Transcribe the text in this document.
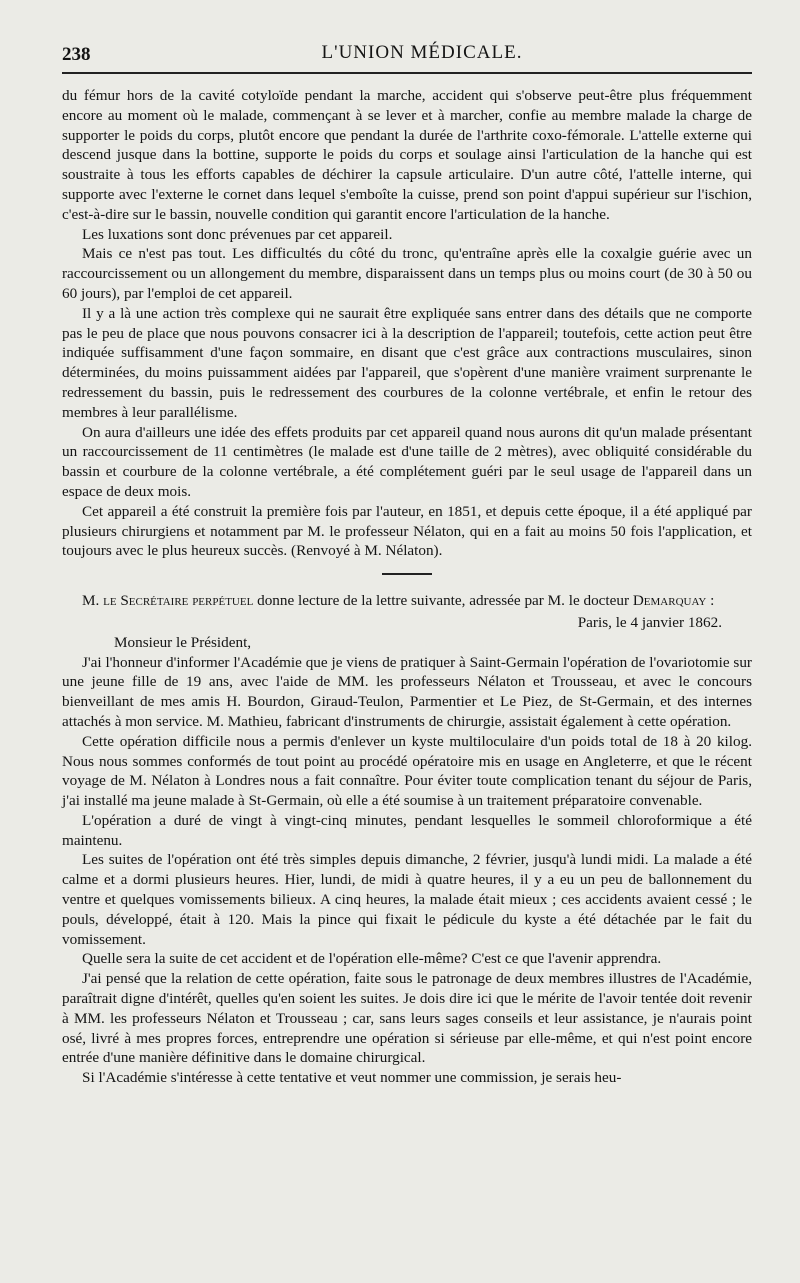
238	L'UNION MÉDICALE.

du fémur hors de la cavité cotyloïde pendant la marche, accident qui s'observe peut-être plus fréquemment encore au moment où le malade, commençant à se lever et à marcher, confie au membre malade la charge de supporter le poids du corps, plutôt encore que pendant la durée de l'arthrite coxo-fémorale. L'attelle externe qui descend jusque dans la bottine, supporte le poids du corps et soulage ainsi l'articulation de la hanche qui est soustraite à tous les efforts capables de déchirer la capsule articulaire. D'un autre côté, l'attelle interne, qui supporte avec l'externe le cornet dans lequel s'emboîte la cuisse, prend son point d'appui supérieur sur l'ischion, c'est-à-dire sur le bassin, nouvelle condition qui garantit encore l'articulation de la hanche.

Les luxations sont donc prévenues par cet appareil.

Mais ce n'est pas tout. Les difficultés du côté du tronc, qu'entraîne après elle la coxalgie guérie avec un raccourcissement ou un allongement du membre, disparaissent dans un temps plus ou moins court (de 30 à 50 ou 60 jours), par l'emploi de cet appareil.

Il y a là une action très complexe qui ne saurait être expliquée sans entrer dans des détails que ne comporte pas le peu de place que nous pouvons consacrer ici à la description de l'appareil; toutefois, cette action peut être indiquée suffisamment d'une façon sommaire, en disant que c'est grâce aux contractions musculaires, sinon déterminées, du moins puissamment aidées par l'appareil, que s'opèrent d'une manière vraiment surprenante le redressement du bassin, puis le redressement des courbures de la colonne vertébrale, et enfin le retour des membres à leur parallélisme.

On aura d'ailleurs une idée des effets produits par cet appareil quand nous aurons dit qu'un malade présentant un raccourcissement de 11 centimètres (le malade est d'une taille de 2 mètres), avec obliquité considérable du bassin et courbure de la colonne vertébrale, a été complétement guéri par le seul usage de l'appareil dans un espace de deux mois.

Cet appareil a été construit la première fois par l'auteur, en 1851, et depuis cette époque, il a été appliqué par plusieurs chirurgiens et notamment par M. le professeur Nélaton, qui en a fait au moins 50 fois l'application, et toujours avec le plus heureux succès. (Renvoyé à M. Nélaton).

M. le Secrétaire perpétuel donne lecture de la lettre suivante, adressée par M. le docteur Demarquay :

Paris, le 4 janvier 1862.
Monsieur le Président,

J'ai l'honneur d'informer l'Académie que je viens de pratiquer à Saint-Germain l'opération de l'ovariotomie sur une jeune fille de 19 ans, avec l'aide de MM. les professeurs Nélaton et Trousseau, et avec le concours bienveillant de mes amis H. Bourdon, Giraud-Teulon, Parmentier et Le Piez, de St-Germain, et des internes attachés à mon service. M. Mathieu, fabricant d'instruments de chirurgie, assistait également à cette opération.

Cette opération difficile nous a permis d'enlever un kyste multiloculaire d'un poids total de 18 à 20 kilog. Nous nous sommes conformés de tout point au procédé opératoire mis en usage en Angleterre, et que le récent voyage de M. Nélaton à Londres nous a fait connaître. Pour éviter toute complication tenant du séjour de Paris, j'ai installé ma jeune malade à St-Germain, où elle a été soumise à un traitement préparatoire convenable.

L'opération a duré de vingt à vingt-cinq minutes, pendant lesquelles le sommeil chloroformique a été maintenu.

Les suites de l'opération ont été très simples depuis dimanche, 2 février, jusqu'à lundi midi. La malade a été calme et a dormi plusieurs heures. Hier, lundi, de midi à quatre heures, il y a eu un peu de ballonnement du ventre et quelques vomissements bilieux. A cinq heures, la malade était mieux ; ces accidents avaient cessé ; le pouls, développé, était à 120. Mais la pince qui fixait le pédicule du kyste a été détachée par le fait du vomissement.

Quelle sera la suite de cet accident et de l'opération elle-même? C'est ce que l'avenir apprendra.

J'ai pensé que la relation de cette opération, faite sous le patronage de deux membres illustres de l'Académie, paraîtrait digne d'intérêt, quelles qu'en soient les suites. Je dois dire ici que le mérite de l'avoir tentée doit revenir à MM. les professeurs Nélaton et Trousseau ; car, sans leurs sages conseils et leur assistance, je n'aurais point osé, livré à mes propres forces, entreprendre une opération si sérieuse par elle-même, et qui n'est point encore entrée d'une manière définitive dans le domaine chirurgical.

Si l'Académie s'intéresse à cette tentative et veut nommer une commission, je serais heu-
